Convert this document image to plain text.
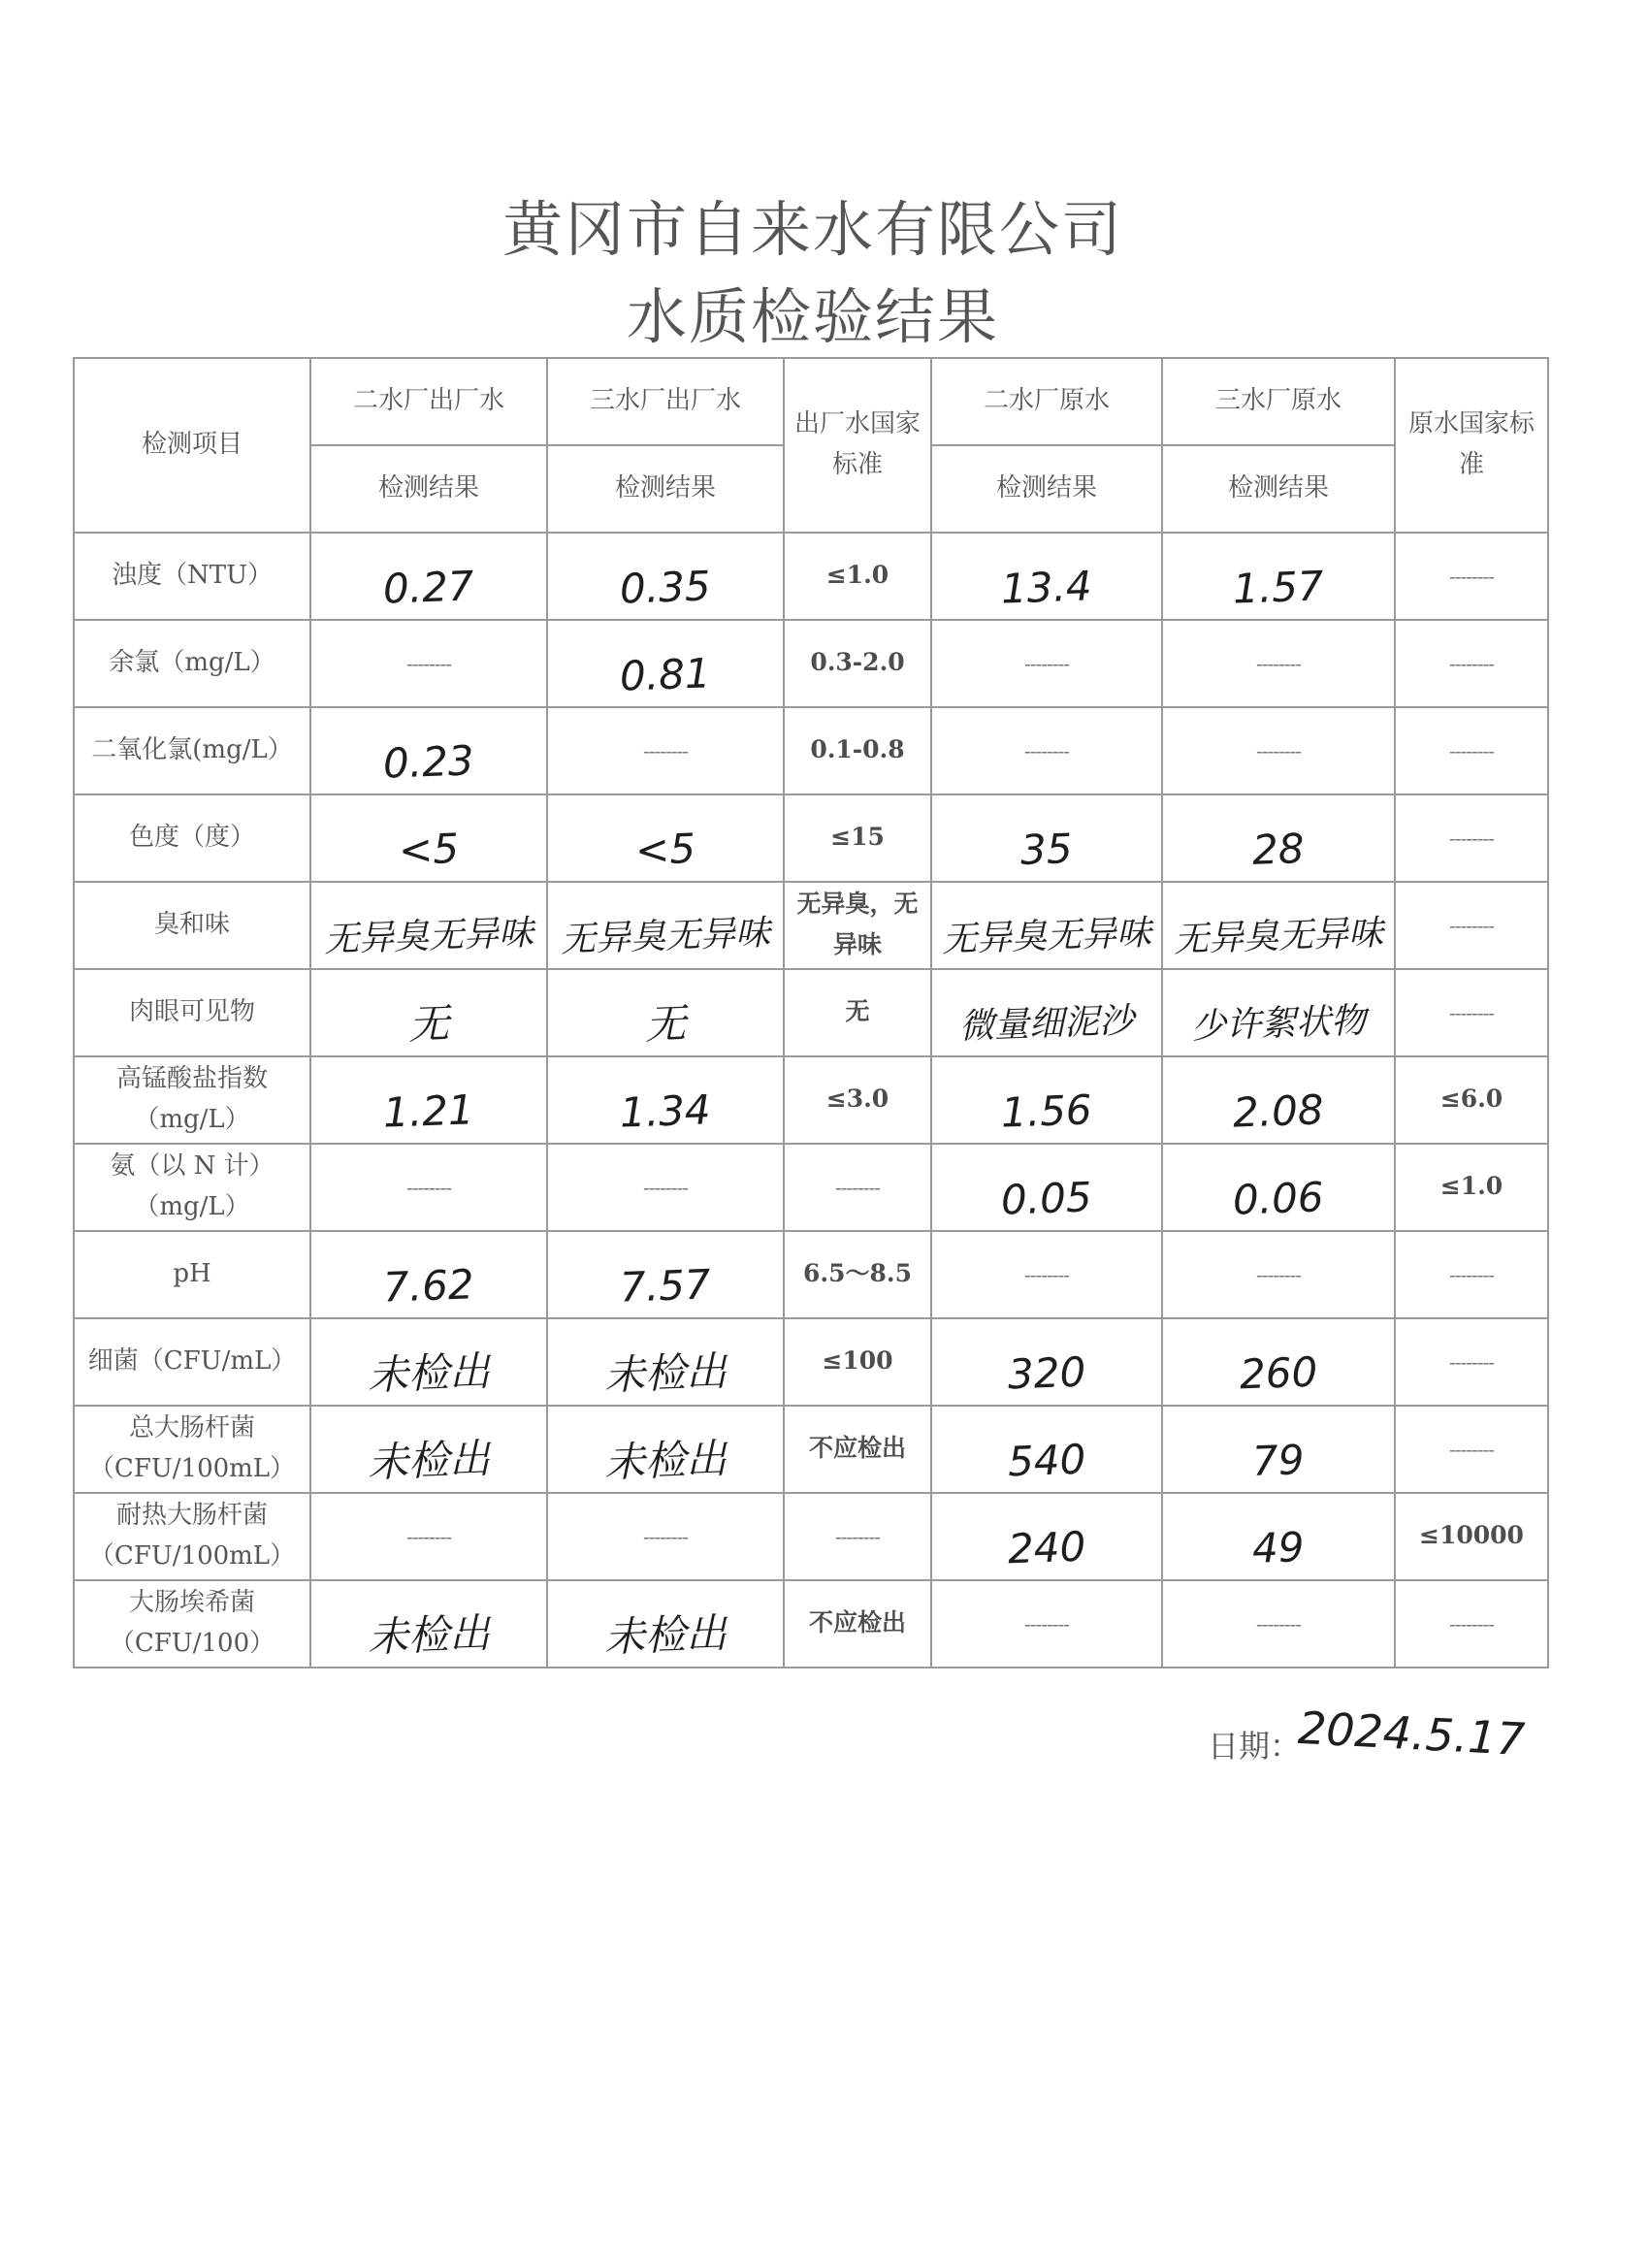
黄冈市自来水有限公司
水质检验结果
检测项目	二水厂出厂水	三水厂出厂水	出厂水国家标准	二水厂原水	三水厂原水	原水国家标准
	检测结果	检测结果		检测结果	检测结果	
浊度（NTU）	0.27	0.35	≤1.0	13.4	1.57	--------
余氯（mg/L）	--------	0.81	0.3-2.0	--------	--------	--------
二氧化氯(mg/L）	0.23	--------	0.1-0.8	--------	--------	--------
色度（度）	<5	<5	≤15	35	28	--------
臭和味	无异臭无异味	无异臭无异味	无异臭，无异味	无异臭无异味	无异臭无异味	--------
肉眼可见物	无	无	无	微量细泥沙	少许絮状物	--------
高锰酸盐指数（mg/L）	1.21	1.34	≤3.0	1.56	2.08	≤6.0
氨（以 N 计）（mg/L）	--------	--------	--------	0.05	0.06	≤1.0
pH	7.62	7.57	6.5～8.5	--------	--------	--------
细菌（CFU/mL）	未检出	未检出	≤100	320	260	--------
总大肠杆菌（CFU/100mL）	未检出	未检出	不应检出	540	79	--------
耐热大肠杆菌（CFU/100mL）	--------	--------	--------	240	49	≤10000
大肠埃希菌（CFU/100）	未检出	未检出	不应检出	--------	--------	--------
日期：
2024.5.17
